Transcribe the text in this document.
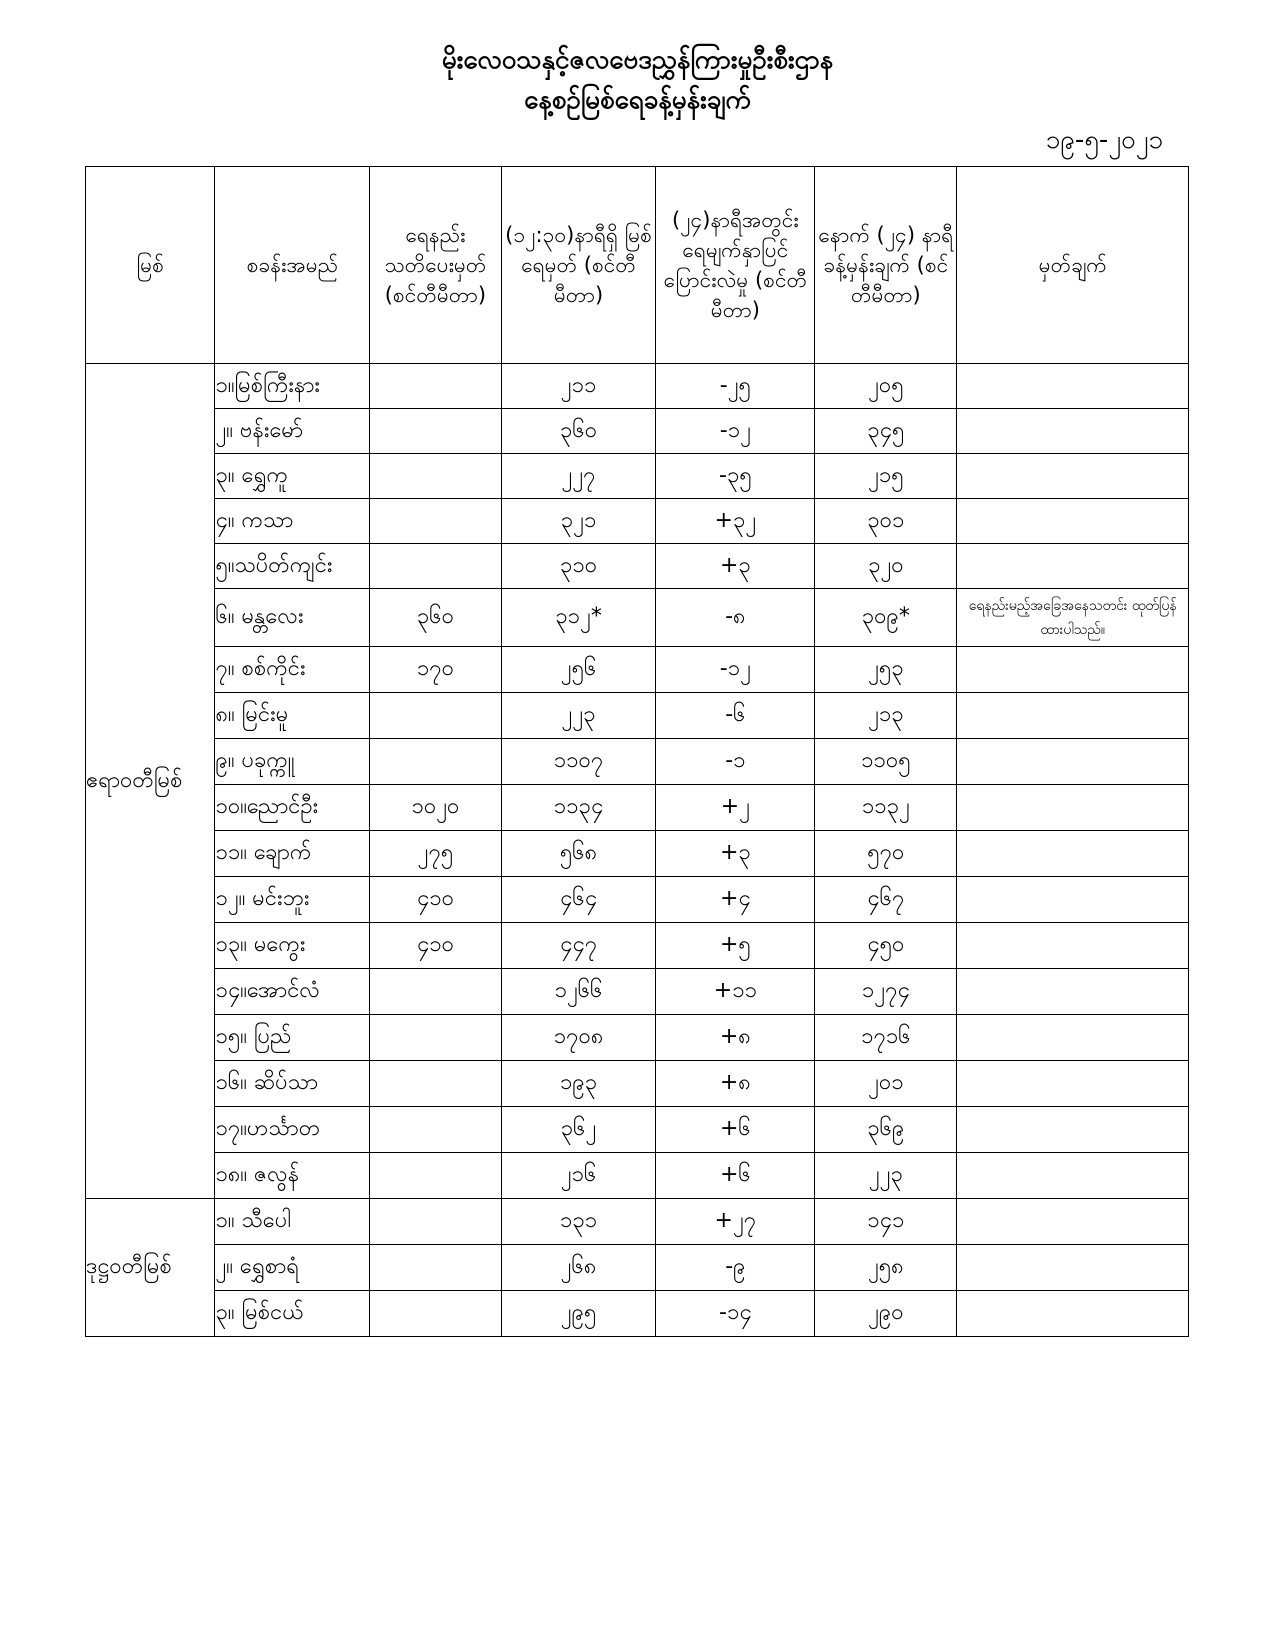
မိုးလေဝသနှင့်ဇလဗေဒညွှန်ကြားမှုဦးစီးဌာန
နေ့စဉ်မြစ်ရေခန့်မှန်းချက်
၁၉-၅-၂၀၂၁
မြစ်	စခန်းအမည်	ရေနည်း သတိပေးမှတ် (စင်တီမီတာ)	(၁၂:၃၀)နာရီရှိ မြစ်ရေမှတ် (စင်တီမီတာ)	(၂၄)နာရီအတွင်း ရေမျက်နှာပြင် ပြောင်းလဲမှု (စင်တီမီတာ)	နောက် (၂၄) နာရီ ခန့်မှန်းချက် (စင်တီမီတာ)	မှတ်ချက်
ဧရာဝတီမြစ်	၁။မြစ်ကြီးနား		၂၁၁	-၂၅	၂၀၅	
	၂။ ဗန်းမော်		၃၆၀	-၁၂	၃၄၅	
	၃။ ရွှေကူ		၂၂၇	-၃၅	၂၁၅	
	၄။ ကသာ		၃၂၁	+၃၂	၃၀၁	
	၅။သပိတ်ကျင်း		၃၁၀	+၃	၃၂၀	
	၆။ မန္တလေး	၃၆၀	၃၁၂*	-၈	၃၀၉*	ရေနည်းမည့်အခြေအနေသတင်း ထုတ်ပြန်ထားပါသည်။
	၇။ စစ်ကိုင်း	၁၇၀	၂၅၆	-၁၂	၂၅၃	
	၈။ မြင်းမူ		၂၂၃	-၆	၂၁၃	
	၉။ ပခုက္ကူ		၁၁၀၇	-၁	၁၁၀၅	
	၁၀။ညောင်ဦး	၁၀၂၀	၁၁၃၄	+၂	၁၁၃၂	
	၁၁။ ချောက်	၂၇၅	၅၆၈	+၃	၅၇၀	
	၁၂။ မင်းဘူး	၄၁၀	၄၆၄	+၄	၄၆၇	
	၁၃။ မကွေး	၄၁၀	၄၄၇	+၅	၄၅၀	
	၁၄။အောင်လံ		၁၂၆၆	+၁၁	၁၂၇၄	
	၁၅။ ပြည်		၁၇၀၈	+၈	၁၇၁၆	
	၁၆။ ဆိပ်သာ		၁၉၃	+၈	၂၀၁	
	၁၇။ဟင်္သာတ		၃၆၂	+၆	၃၆၉	
	၁၈။ ဇလွန်		၂၁၆	+၆	၂၂၃	
ဒုဋ္ဌဝတီမြစ်	၁။ သီပေါ		၁၃၁	+၂၇	၁၄၁	
	၂။ ရွှေစာရံ		၂၆၈	-၉	၂၅၈	
	၃။ မြစ်ငယ်		၂၉၅	-၁၄	၂၉၀	
